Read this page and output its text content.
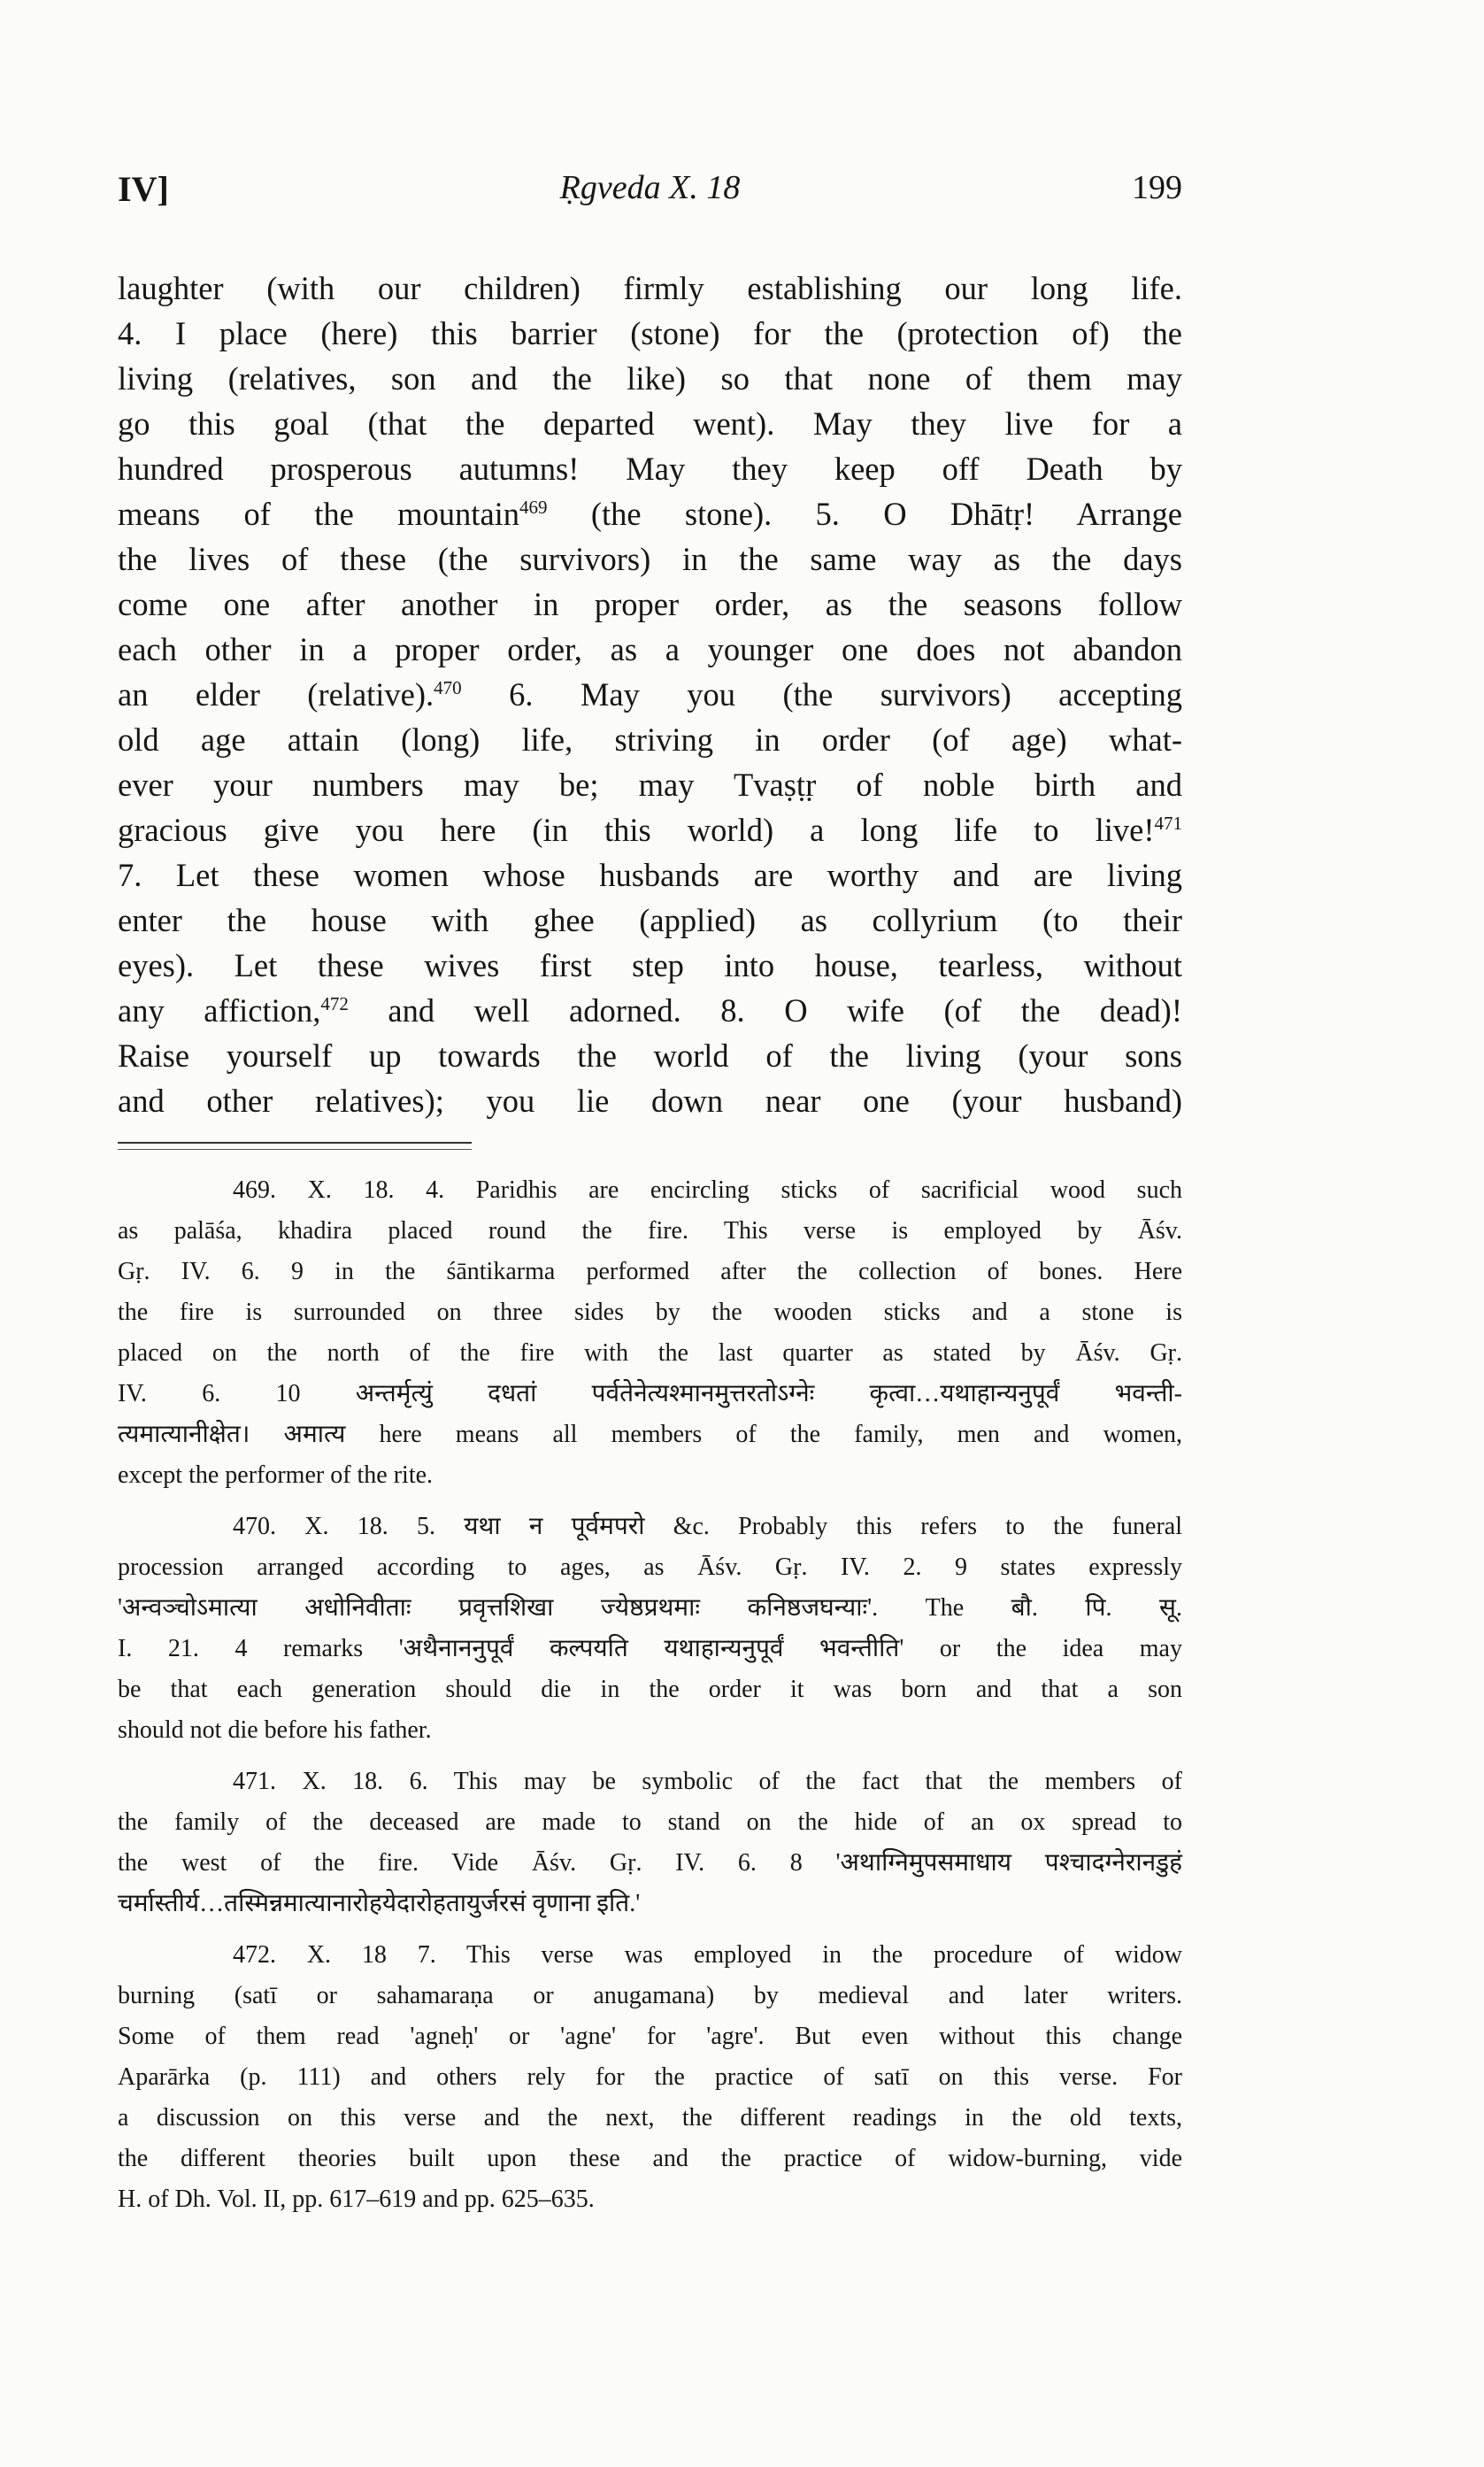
IV]	Ṛgveda X. 18	199
laughter (with our children) firmly establishing our long life.
4. I place (here) this barrier (stone) for the (protection of) the
living (relatives, son and the like) so that none of them may
go this goal (that the departed went). May they live for a
hundred prosperous autumns! May they keep off Death by
means of the mountain$^{469}$ (the stone). 5. O Dhātṛ! Arrange
the lives of these (the survivors) in the same way as the days
come one after another in proper order, as the seasons follow
each other in a proper order, as a younger one does not abandon
an elder (relative).$^{470}$ 6. May you (the survivors) accepting
old age attain (long) life, striving in order (of age) what-
ever your numbers may be; may Tvaṣṭṛ of noble birth and
gracious give you here (in this world) a long life to live!$^{471}$
7. Let these women whose husbands are worthy and are living
enter the house with ghee (applied) as collyrium (to their
eyes). Let these wives first step into house, tearless, without
any affiction,$^{472}$ and well adorned. 8. O wife (of the dead)!
Raise yourself up towards the world of the living (your sons
and other relatives); you lie down near one (your husband)
469. X. 18. 4. Paridhis are encircling sticks of sacrificial wood such
as palāśa, khadira placed round the fire. This verse is employed by Āśv.
Gṛ. IV. 6. 9 in the śāntikarma performed after the collection of bones. Here
the fire is surrounded on three sides by the wooden sticks and a stone is
placed on the north of the fire with the last quarter as stated by Āśv. Gṛ.
IV. 6. 10 अन्तर्मृत्युं दधतां पर्वतेनेत्यश्मानमुत्तरतोऽग्नेः कृत्वा…यथाहान्यनुपूर्वं भवन्ती-
त्यमात्यानीक्षेत। अमात्य here means all members of the family, men and women,
except the performer of the rite.
470. X. 18. 5. यथा न पूर्वमपरो &c. Probably this refers to the funeral
procession arranged according to ages, as Āśv. Gṛ. IV. 2. 9 states expressly
'अन्वञ्चोऽमात्या अधोनिवीताः प्रवृत्तशिखा ज्येष्ठप्रथमाः कनिष्ठजघन्याः'. The बौ. पि. सू.
I. 21. 4 remarks 'अथैनाननुपूर्वं कल्पयति यथाहान्यनुपूर्वं भवन्तीति' or the idea may
be that each generation should die in the order it was born and that a son
should not die before his father.
471. X. 18. 6. This may be symbolic of the fact that the members of
the family of the deceased are made to stand on the hide of an ox spread to
the west of the fire. Vide Āśv. Gṛ. IV. 6. 8 'अथाग्निमुपसमाधाय पश्चादग्नेरानडुहं
चर्मास्तीर्य…तस्मिन्नमात्यानारोहयेदारोहतायुर्जरसं वृणाना इति.'
472. X. 18 7. This verse was employed in the procedure of widow
burning (satī or sahamaraṇa or anugamana) by medieval and later writers.
Some of them read 'agneḥ' or 'agne' for 'agre'. But even without this change
Aparārka (p. 111) and others rely for the practice of satī on this verse. For
a discussion on this verse and the next, the different readings in the old texts,
the different theories built upon these and the practice of widow-burning, vide
H. of Dh. Vol. II, pp. 617–619 and pp. 625–635.
